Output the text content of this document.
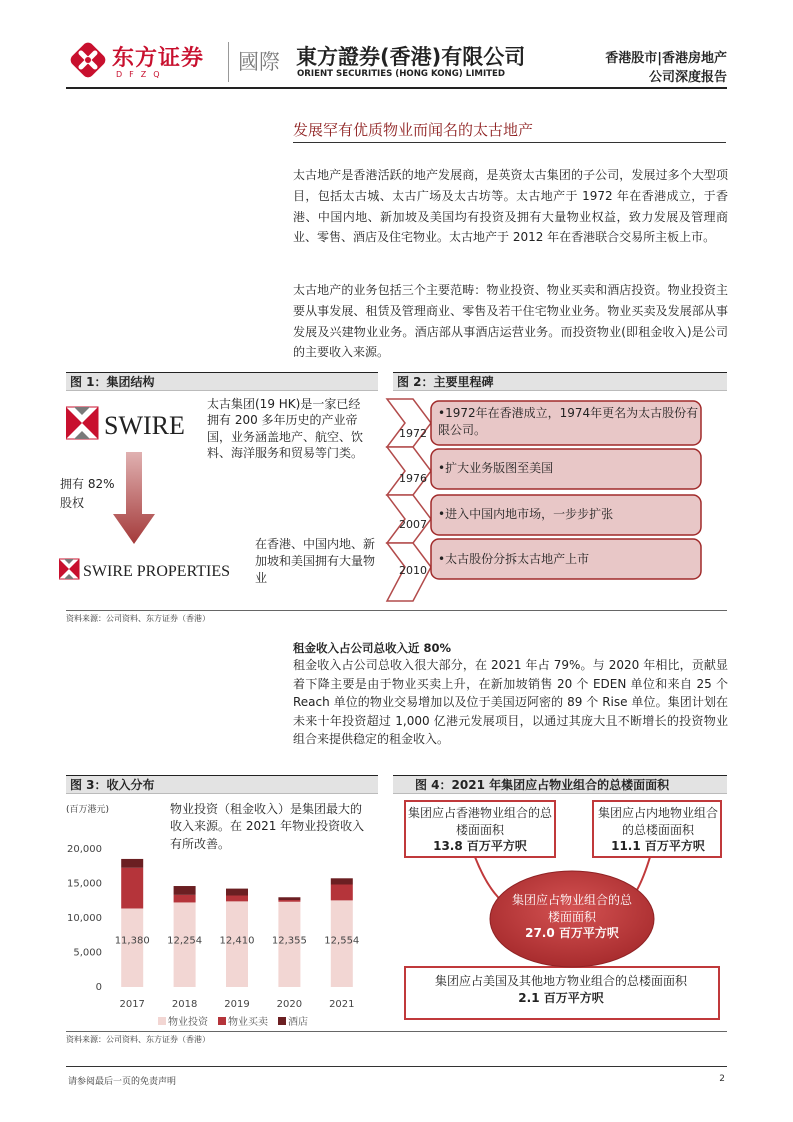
东方证券
DFZQ
國際 東方證券(香港)有限公司
ORIENT SECURITIES (HONG KONG) LIMITED
香港股市|香港房地产
公司深度报告
发展罕有优质物业而闻名的太古地产
太古地产是香港活跃的地产发展商，是英资太古集团的子公司，发展过多个大型项目，包括太古城、太古广场及太古坊等。太古地产于 1972 年在香港成立，于香港、中国内地、新加坡及美国均有投资及拥有大量物业权益，致力发展及管理商业、零售、酒店及住宅物业。太古地产于 2012 年在香港联合交易所主板上市。
太古地产的业务包括三个主要范畴：物业投资、物业买卖和酒店投资。物业投资主要从事发展、租赁及管理商业、零售及若干住宅物业业务。物业买卖及发展部从事发展及兴建物业业务。酒店部从事酒店运营业务。而投资物业(即租金收入)是公司的主要收入来源。
图 1：集团结构	图 2：主要里程碑
SWIRE
太古集团(19 HK)是一家已经拥有 200 多年历史的产业帝国，业务涵盖地产、航空、饮料、海洋服务和贸易等门类。
拥有 82% 股权
SWIRE PROPERTIES
在香港、中国内地、新加坡和美国拥有大量物业
1972
1976
2007
2010
•1972年在香港成立，1974年更名为太古股份有限公司。
•扩大业务版图至美国
•进入中国内地市场，一步步扩张
•太古股份分拆太古地产上市
资料来源：公司资料、东方证券（香港）
租金收入占公司总收入近 80%
租金收入占公司总收入很大部分，在 2021 年占 79%。与 2020 年相比，贡献显着下降主要是由于物业买卖上升，在新加坡销售 20 个 EDEN 单位和来自 25 个 Reach 单位的物业交易增加以及位于美国迈阿密的 89 个 Rise 单位。集团计划在未来十年投资超过 1,000 亿港元发展项目，以通过其庞大且不断增长的投资物业组合来提供稳定的租金收入。
图 3：收入分布	图 4：2021 年集团应占物业组合的总楼面面积
(百万港元)	物业投资（租金收入）是集团最大的收入来源。在 2021 年物业投资收入有所改善。
0
5,000
10,000
15,000
20,000
11,380
2017
12,254
2018
12,410
2019
12,355
2020
12,554
2021
物业投资 物业买卖 酒店
集团应占香港物业组合的总楼面面积
13.8 百万平方呎
集团应占内地物业组合的总楼面面积
11.1 百万平方呎
集团应占物业组合的总楼面面积
27.0 百万平方呎
集团应占美国及其他地方物业组合的总楼面面积
2.1 百万平方呎
资料来源：公司资料、东方证券（香港）
请参阅最后一页的免责声明	2
